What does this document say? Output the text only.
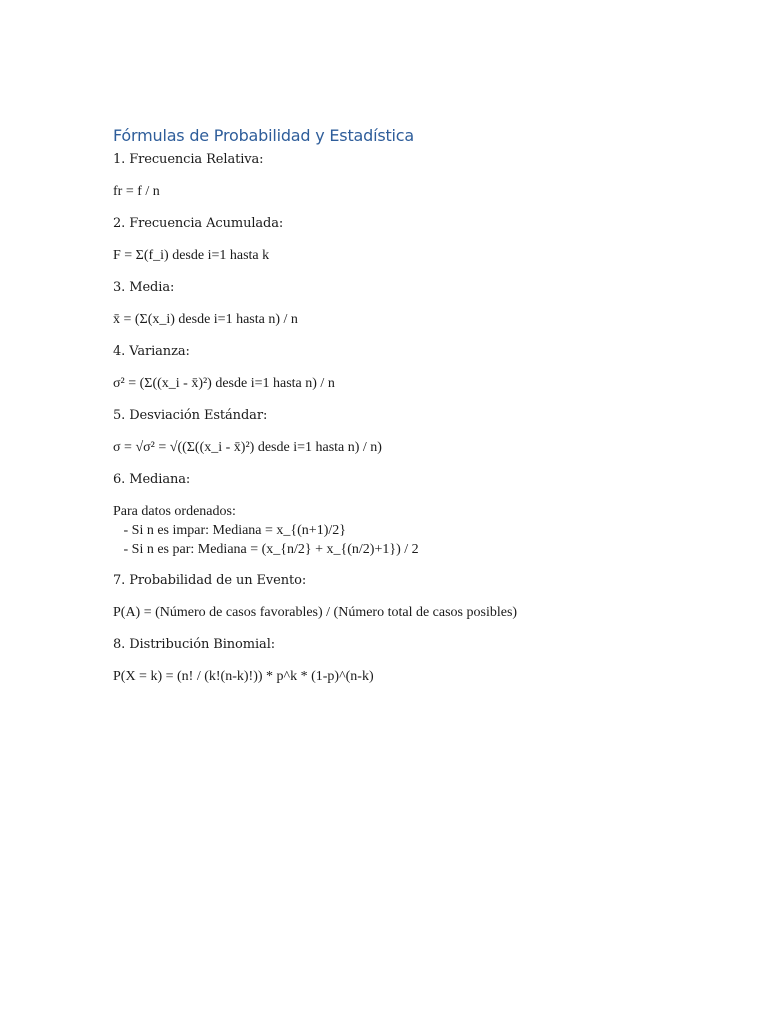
Fórmulas de Probabilidad y Estadística
1. Frecuencia Relativa:
fr = f / n
2. Frecuencia Acumulada:
F = Σ(f_i) desde i=1 hasta k
3. Media:
x̄ = (Σ(x_i) desde i=1 hasta n) / n
4. Varianza:
σ² = (Σ((x_i - x̄)²) desde i=1 hasta n) / n
5. Desviación Estándar:
σ = √σ² = √((Σ((x_i - x̄)²) desde i=1 hasta n) / n)
6. Mediana:
Para datos ordenados:
- Si n es impar: Mediana = x_{(n+1)/2}
- Si n es par: Mediana = (x_{n/2} + x_{(n/2)+1}) / 2
7. Probabilidad de un Evento:
P(A) = (Número de casos favorables) / (Número total de casos posibles)
8. Distribución Binomial:
P(X = k) = (n! / (k!(n-k)!)) * p^k * (1-p)^(n-k)
